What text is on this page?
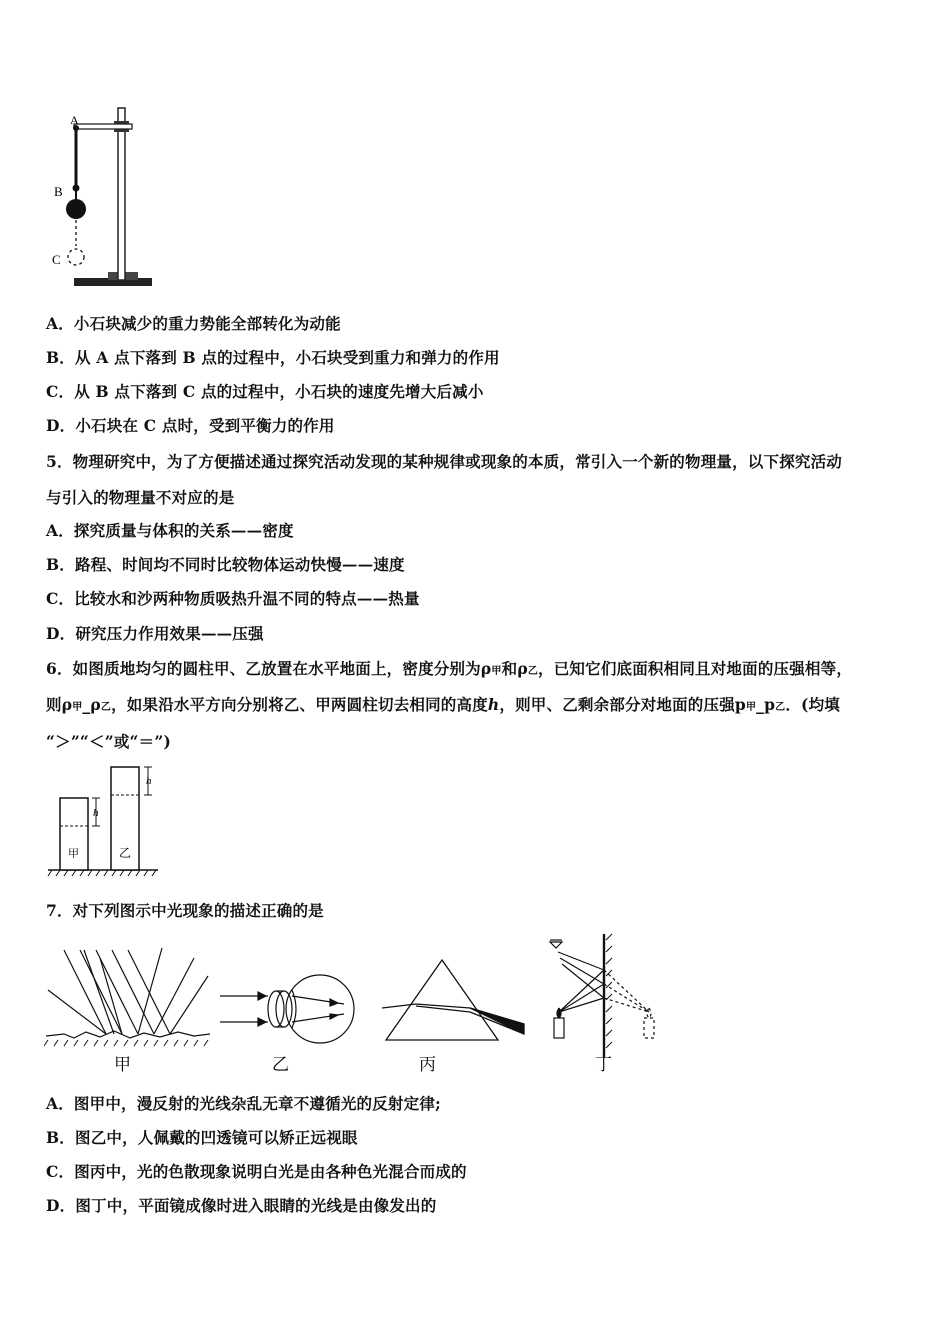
A
B
C
A．小石块减少的重力势能全部转化为动能
B．从 A 点下落到 B 点的过程中，小石块受到重力和弹力的作用
C．从 B 点下落到 C 点的过程中，小石块的速度先增大后减小
D．小石块在 C 点时，受到平衡力的作用
5．物理研究中，为了方便描述通过探究活动发现的某种规律或现象的本质，常引入一个新的物理量，以下探究活动
与引入的物理量不对应的是
A．探究质量与体积的关系——密度
B．路程、时间均不同时比较物体运动快慢——速度
C．比较水和沙两种物质吸热升温不同的特点——热量
D．研究压力作用效果——压强
6．如图质地均匀的圆柱甲、乙放置在水平地面上，密度分别为ρ甲和ρ乙，已知它们底面积相同且对地面的压强相等，
则ρ甲_ρ乙，如果沿水平方向分别将乙、甲两圆柱切去相同的高度h，则甲、乙剩余部分对地面的压强p甲_p乙．(均填
“＞”“＜”或“＝”)
h
甲
h
乙
7．对下列图示中光现象的描述正确的是
甲	乙	丙	丁
A．图甲中，漫反射的光线杂乱无章不遵循光的反射定律;
B．图乙中，人佩戴的凹透镜可以矫正远视眼
C．图丙中，光的色散现象说明白光是由各种色光混合而成的
D．图丁中，平面镜成像时进入眼睛的光线是由像发出的
